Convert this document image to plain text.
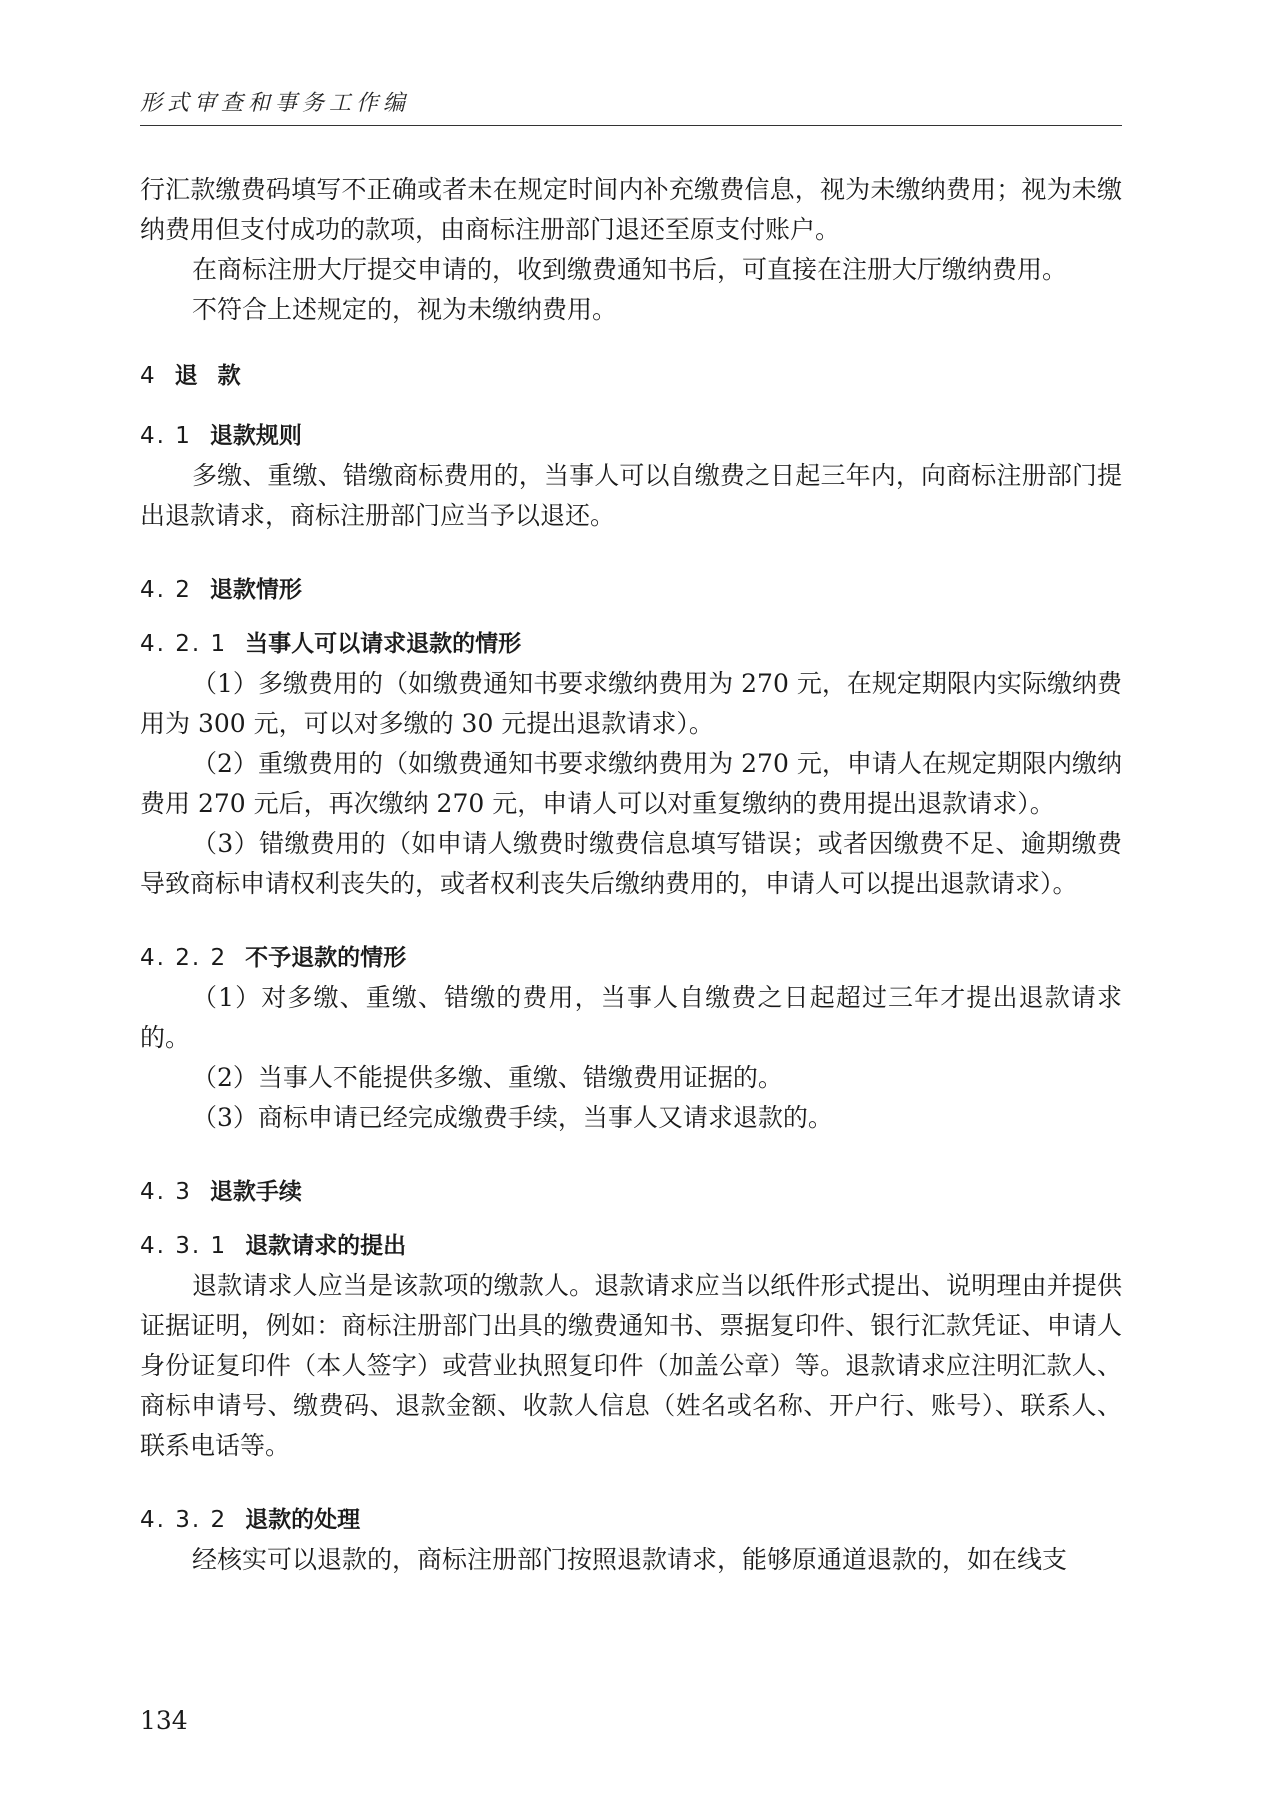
形式审查和事务工作编

行汇款缴费码填写不正确或者未在规定时间内补充缴费信息，视为未缴纳费用；视为未缴纳费用但支付成功的款项，由商标注册部门退还至原支付账户。

在商标注册大厅提交申请的，收到缴费通知书后，可直接在注册大厅缴纳费用。

不符合上述规定的，视为未缴纳费用。

4 退款
4. 1 退款规则

多缴、重缴、错缴商标费用的，当事人可以自缴费之日起三年内，向商标注册部门提出退款请求，商标注册部门应当予以退还。

4. 2 退款情形
4. 2. 1 当事人可以请求退款的情形

（1）多缴费用的（如缴费通知书要求缴纳费用为 270 元，在规定期限内实际缴纳费用为 300 元，可以对多缴的 30 元提出退款请求）。

（2）重缴费用的（如缴费通知书要求缴纳费用为 270 元，申请人在规定期限内缴纳费用 270 元后，再次缴纳 270 元，申请人可以对重复缴纳的费用提出退款请求）。

（3）错缴费用的（如申请人缴费时缴费信息填写错误；或者因缴费不足、逾期缴费导致商标申请权利丧失的，或者权利丧失后缴纳费用的，申请人可以提出退款请求）。

4. 2. 2 不予退款的情形

（1）对多缴、重缴、错缴的费用，当事人自缴费之日起超过三年才提出退款请求的。

（2）当事人不能提供多缴、重缴、错缴费用证据的。

（3）商标申请已经完成缴费手续，当事人又请求退款的。

4. 3 退款手续
4. 3. 1 退款请求的提出

退款请求人应当是该款项的缴款人。退款请求应当以纸件形式提出、说明理由并提供证据证明，例如：商标注册部门出具的缴费通知书、票据复印件、银行汇款凭证、申请人身份证复印件（本人签字）或营业执照复印件（加盖公章）等。退款请求应注明汇款人、商标申请号、缴费码、退款金额、收款人信息（姓名或名称、开户行、账号）、联系人、联系电话等。

4. 3. 2 退款的处理

经核实可以退款的，商标注册部门按照退款请求，能够原通道退款的，如在线支

134
